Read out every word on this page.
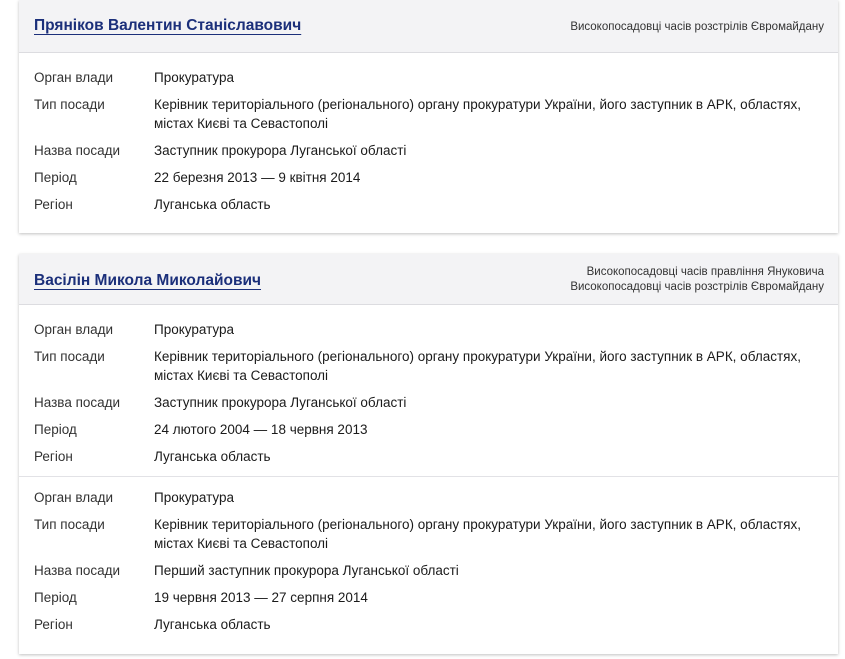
Пряніков Валентин Станіславович	Високопосадовці часів розстрілів Євромайдану
Орган влади	Прокуратура
Тип посади	Керівник територіального (регіонального) органу прокуратури України, його заступник в АРК, областях, містах Києві та Севастополі
Назва посади	Заступник прокурора Луганської області
Період	22 березня 2013 — 9 квітня 2014
Регіон	Луганська область
Васілін Микола Миколайович	Високопосадовці часів правління Януковича
Високопосадовці часів розстрілів Євромайдану
Орган влади	Прокуратура
Тип посади	Керівник територіального (регіонального) органу прокуратури України, його заступник в АРК, областях, містах Києві та Севастополі
Назва посади	Заступник прокурора Луганської області
Період	24 лютого 2004 — 18 червня 2013
Регіон	Луганська область
Орган влади	Прокуратура
Тип посади	Керівник територіального (регіонального) органу прокуратури України, його заступник в АРК, областях, містах Києві та Севастополі
Назва посади	Перший заступник прокурора Луганської області
Період	19 червня 2013 — 27 серпня 2014
Регіон	Луганська область
